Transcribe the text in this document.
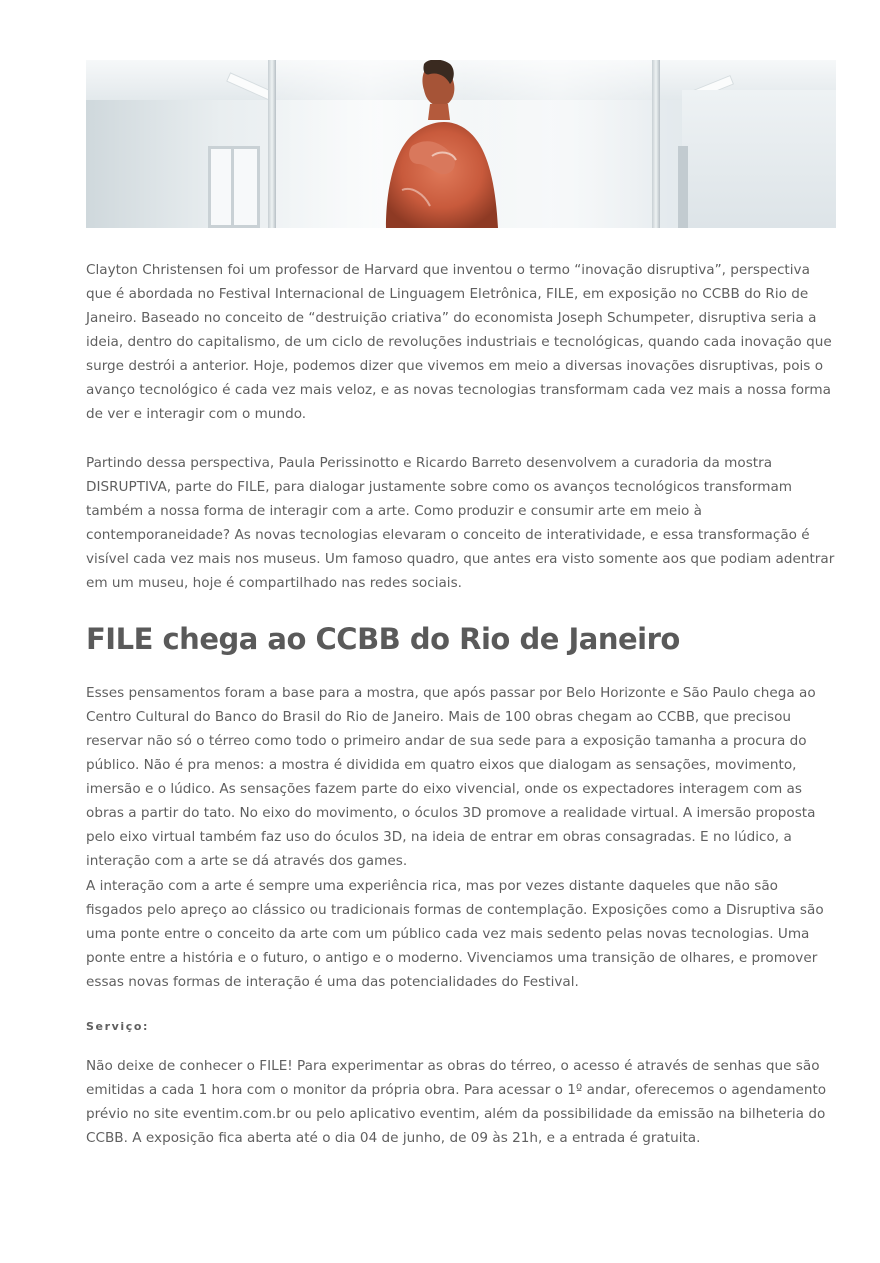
Clayton Christensen foi um professor de Harvard que inventou o termo “inovação disruptiva”, perspectiva que é abordada no Festival Internacional de Linguagem Eletrônica, FILE, em exposição no CCBB do Rio de Janeiro. Baseado no conceito de “destruição criativa” do economista Joseph Schumpeter, disruptiva seria a ideia, dentro do capitalismo, de um ciclo de revoluções industriais e tecnológicas, quando cada inovação que surge destrói a anterior. Hoje, podemos dizer que vivemos em meio a diversas inovações disruptivas, pois o avanço tecnológico é cada vez mais veloz, e as novas tecnologias transformam cada vez mais a nossa forma de ver e interagir com o mundo.

Partindo dessa perspectiva, Paula Perissinotto e Ricardo Barreto desenvolvem a curadoria da mostra DISRUPTIVA, parte do FILE, para dialogar justamente sobre como os avanços tecnológicos transformam também a nossa forma de interagir com a arte. Como produzir e consumir arte em meio à contemporaneidade? As novas tecnologias elevaram o conceito de interatividade, e essa transformação é visível cada vez mais nos museus. Um famoso quadro, que antes era visto somente aos que podiam adentrar em um museu, hoje é compartilhado nas redes sociais.

FILE chega ao CCBB do Rio de Janeiro

Esses pensamentos foram a base para a mostra, que após passar por Belo Horizonte e São Paulo chega ao Centro Cultural do Banco do Brasil do Rio de Janeiro. Mais de 100 obras chegam ao CCBB, que precisou reservar não só o térreo como todo o primeiro andar de sua sede para a exposição tamanha a procura do público. Não é pra menos: a mostra é dividida em quatro eixos que dialogam as sensações, movimento, imersão e o lúdico. As sensações fazem parte do eixo vivencial, onde os expectadores interagem com as obras a partir do tato. No eixo do movimento, o óculos 3D promove a realidade virtual. A imersão proposta pelo eixo virtual também faz uso do óculos 3D, na ideia de entrar em obras consagradas. E no lúdico, a interação com a arte se dá através dos games.

A interação com a arte é sempre uma experiência rica, mas por vezes distante daqueles que não são fisgados pelo apreço ao clássico ou tradicionais formas de contemplação. Exposições como a Disruptiva são uma ponte entre o conceito da arte com um público cada vez mais sedento pelas novas tecnologias. Uma ponte entre a história e o futuro, o antigo e o moderno. Vivenciamos uma transição de olhares, e promover essas novas formas de interação é uma das potencialidades do Festival.

Serviço:

Não deixe de conhecer o FILE! Para experimentar as obras do térreo, o acesso é através de senhas que são emitidas a cada 1 hora com o monitor da própria obra. Para acessar o 1º andar, oferecemos o agendamento prévio no site eventim.com.br ou pelo aplicativo eventim, além da possibilidade da emissão na bilheteria do CCBB. A exposição fica aberta até o dia 04 de junho, de 09 às 21h, e a entrada é gratuita.
